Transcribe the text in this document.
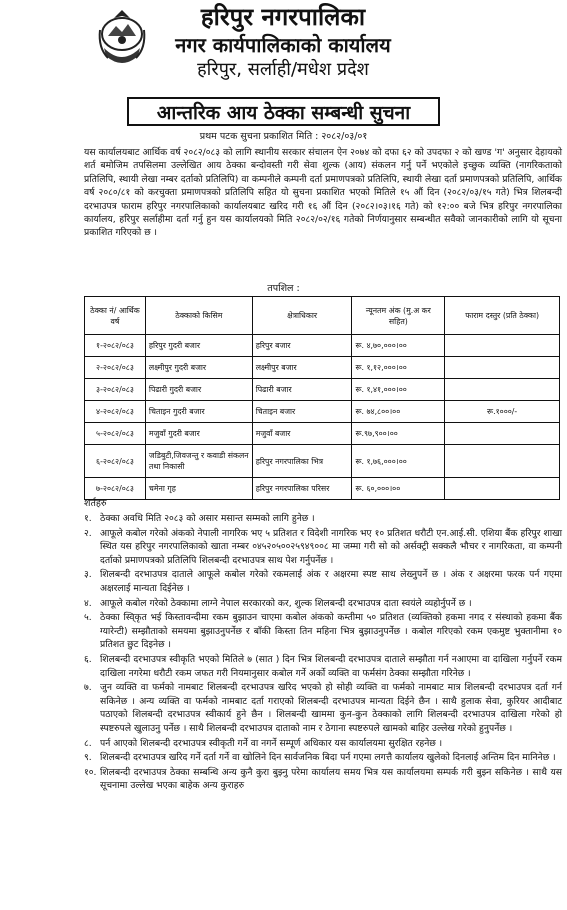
हरिपुर नगरपालिका
नगर कार्यपालिकाको कार्यालय
हरिपुर, सर्लाही/मधेश प्रदेश
आन्तरिक आय ठेक्का सम्बन्धी सुचना
प्रथम पटक सुचना प्रकाशित मिति : २०८२/०३/०१

यस कार्यालयबाट आर्थिक वर्ष २०८२/०८३ को लागि स्थानीय सरकार संचालन ऐन २०७४ को दफा ६२ को उपदफा २ को खण्ड 'ग' अनुसार देहायको शर्त बमोजिम तपसिलमा उल्लेखित आय ठेक्का बन्दोवस्ती गरी सेवा शुल्क (आय) संकलन गर्नु पर्ने भएकोले इच्छुक व्यक्ति (नागरिकताको प्रतिलिपि, स्थायी लेखा नम्बर दर्ताको प्रतिलिपि) वा कम्पनीले कम्पनी दर्ता प्रमाणपत्रको प्रतिलिपि, स्थायी लेखा दर्ता प्रमाणपत्रको प्रतिलिपि, आर्थिक वर्ष २०८०/८१ को करचुक्ता प्रमाणपत्रको प्रतिलिपि सहित यो सुचना प्रकाशित भएको मितिले १५ औं दिन (२०८२/०३/१५ गते) भित्र शिलबन्दी दरभाउपत्र फाराम हरिपुर नगरपालिकाको कार्यालयबाट खरिद गरी १६ औं दिन (२०८२।०३।१६ गते) को १२:०० बजे भित्र हरिपुर नगरपालिका कार्यालय, हरिपुर सर्लाहीमा दर्ता गर्नु हुन यस कार्यालयको मिति २०८२/०२/१६ गतेको निर्णयानुसार सम्बन्धीत सवैको जानकारीको लागि यो सूचना प्रकाशित गरिएको छ ।

तपशिल :
ठेक्का नं/ आर्थिक वर्ष	ठेक्काको किसिम	क्षेत्राधिकार	न्यूनतम अंक (मु.अ कर सहित)	फाराम दस्तुर (प्रति ठेक्का)
१-२०८२/०८३	हरिपुर गुदरी बजार	हरिपुर बजार	रू. ४,७०,०००।००	
२-२०८२/०८३	लक्ष्मीपुर गुदरी बजार	लक्ष्मीपुर बजार	रू. १,१२,०००।००	
३-२०८२/०८३	पिढारी गुदरी बजार	पिढारी बजार	रू. १,४१,०००।००	
४-२०८२/०८३	चिताइन गुदरी बजार	चिताइन बजार	रू. ७४,८००।००	रू.१०००/-
५-२०८२/०८३	मजुवाँ गुदरी बजार	मजुवाँ बजार	रू.९७,९००।००	
६-२०८२/०८३	जडिबुटी,जिवजन्तु र कवाडी संकलन तथा निकासी	हरिपुर नगरपालिका भित्र	रू. १,७६,०००।००	
७-२०८२/०८३	चमेना गृह	हरिपुर नगरपालिका परिसर	रू. ६०,०००।००	
शर्तहरु
१. ठेक्का अवधि मिति २०८३ को असार मसान्त सम्मको लागि हुनेछ ।
२. आफूले कबोल गरेको अंकको नेपाली नागरिक भए ५ प्रतिशत र विदेशी नागरिक भए १० प्रतिशत धरौटी एन.आई.सी. एशिया बैंक हरिपुर शाखा स्थित यस हरिपुर नगरपालिकाको खाता नम्बर ०४५२०५००२५९४९००८ मा जम्मा गरी सो को अर्सक्ट्री सक्कलै भौचर र नागरिकता, वा कम्पनी दर्ताको प्रमाणपत्रको प्रतिलिपि शिलबन्दी दरभाउपत्र साथ पेश गर्नुपर्नेछ ।
३. शिलबन्दी दरभाउपत्र दाताले आफूले कबोल गरेको रकमलाई अंक र अक्षरमा स्पष्ट साथ लेख्नुपर्ने छ । अंक र अक्षरमा फरक पर्न गएमा अक्षरलाई मान्यता दिईनेछ ।
४. आफूले कबोल गरेको ठेक्कामा लाग्ने नेपाल सरकारको कर, शुल्क शिलबन्दी दरभाउपत्र दाता स्वयंले व्यहोर्नुपर्ने छ ।
५. ठेक्का स्वि्कृत भई किस्तावन्दीमा रकम बुझाउन चाएमा कबोल अंकको कम्तीमा ५० प्रतिशत (व्यक्तिको हकमा नगद र संस्थाको हकमा बैंक ग्यारेन्टी) सम्झौताको समयमा बुझाउनुपर्नेछ र बाँकी किस्ता तिन महिना भित्र बुझाउनुपर्नेछ । कबोल गरिएको रकम एकमुष्ट भुक्तानीमा १० प्रतिशत छुट दिइनेछ ।
६. शिलबन्दी दरभाउपत्र स्वीकृति भएको मितिले ७ (सात ) दिन भित्र शिलबन्दी दरभाउपत्र दाताले सम्झौता गर्न नआएमा वा दाखिला गर्नुपर्ने रकम दाखिला नगरेमा धरौटी रकम जफत गरी नियमानुसार कबोल गर्ने अर्को व्यक्ति वा फर्मसंग ठेक्का सम्झौता गरिनेछ ।
७. जुन व्यक्ति वा फर्मको नामबाट शिलबन्दी दरभाउपत्र खरिद भएको हो सोही व्यक्ति वा फर्मको नामबाट मात्र शिलबन्दी दरभाउपत्र दर्ता गर्न सकिनेछ । अन्य व्यक्ति वा फर्मको नामबाट दर्ता गराएको शिलबन्दी दरभाउपत्र मान्यता दिईने छैन । साथै हुलाक सेवा, कुरियर आदीबाट पठाएको शिलबन्दी दरभाउपत्र स्वीकार्य हुने छैन । शिलबन्दी खाममा कुन-कुन ठेक्काको लागि शिलबन्दी दरभाउपत्र दाखिला गरेको हो स्पष्टरुपले खुलाउनु पर्नेछ । साथै शिलबन्दी दरभाउपत्र दाताको नाम र ठेगाना स्पष्टरुपले खामको बाहिर उल्लेख गरेको हुनुपर्नेछ ।
८. पर्न आएको शिलबन्दी दरभाउपत्र स्वीकृती गर्ने वा नगर्ने सम्पूर्ण अधिकार यस कार्यालयमा सुरक्षित रहनेछ ।
९. शिलबन्दी दरभाउपत्र खरिद गर्ने दर्ता गर्ने वा खोलिने दिन सार्वजनिक बिदा पर्न गएमा लगत्तै कार्यालय खुलेको दिनलाई अन्तिम दिन मानिनेछ ।
१०. शिलबन्दी दरभाउपत्र ठेक्का सम्बन्धि अन्य कुनै कुरा बुझ्नु परेमा कार्यालय समय भित्र यस कार्यालयमा सम्पर्क गरी बुझ्न सकिनेछ । साथै यस सूचनामा उल्लेख भएका बाहेक अन्य कुराहरु
